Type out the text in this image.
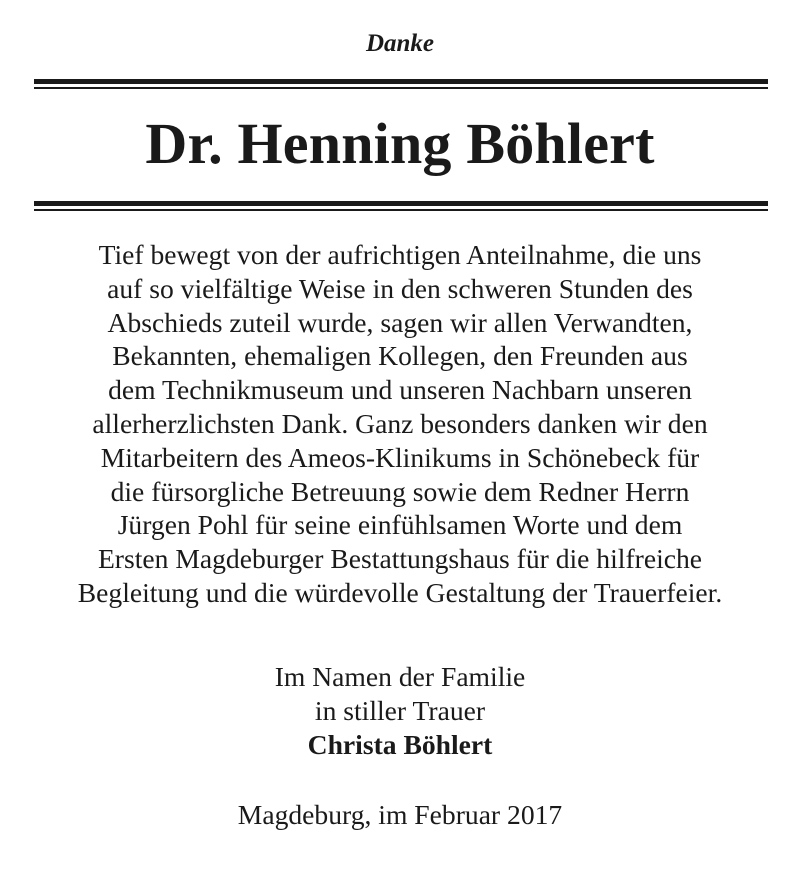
Danke
Dr. Henning Böhlert
Tief bewegt von der aufrichtigen Anteilnahme, die uns
auf so vielfältige Weise in den schweren Stunden des
Abschieds zuteil wurde, sagen wir allen Verwandten,
Bekannten, ehemaligen Kollegen, den Freunden aus
dem Technikmuseum und unseren Nachbarn unseren
allerherzlichsten Dank. Ganz besonders danken wir den
Mitarbeitern des Ameos-Klinikums in Schönebeck für
die fürsorgliche Betreuung sowie dem Redner Herrn
Jürgen Pohl für seine einfühlsamen Worte und dem
Ersten Magdeburger Bestattungshaus für die hilfreiche
Begleitung und die würdevolle Gestaltung der Trauerfeier.
Im Namen der Familie
in stiller Trauer
Christa Böhlert
Magdeburg, im Februar 2017
